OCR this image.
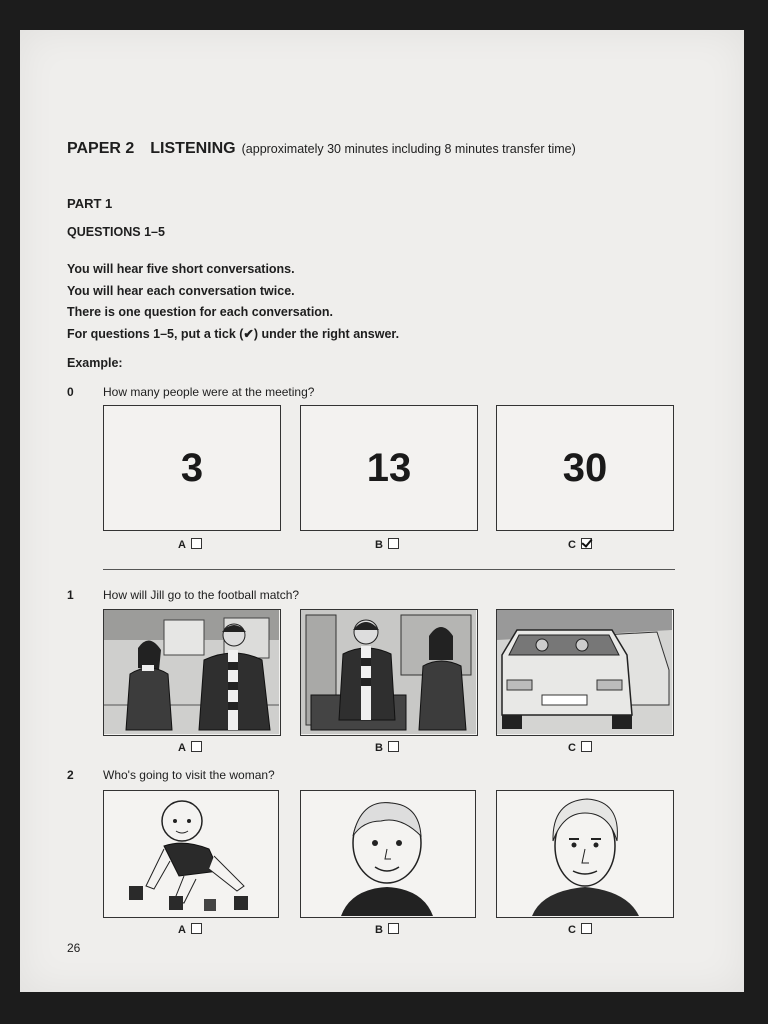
PAPER 2 LISTENING (approximately 30 minutes including 8 minutes transfer time)
PART 1
QUESTIONS 1–5
You will hear five short conversations.
You will hear each conversation twice.
There is one question for each conversation.
For questions 1–5, put a tick (✔) under the right answer.
Example:
0 How many people were at the meeting?
3	13	30
A	B	C
1 How will Jill go to the football match?
A	B	C
2 Who's going to visit the woman?
A	B	C
26
